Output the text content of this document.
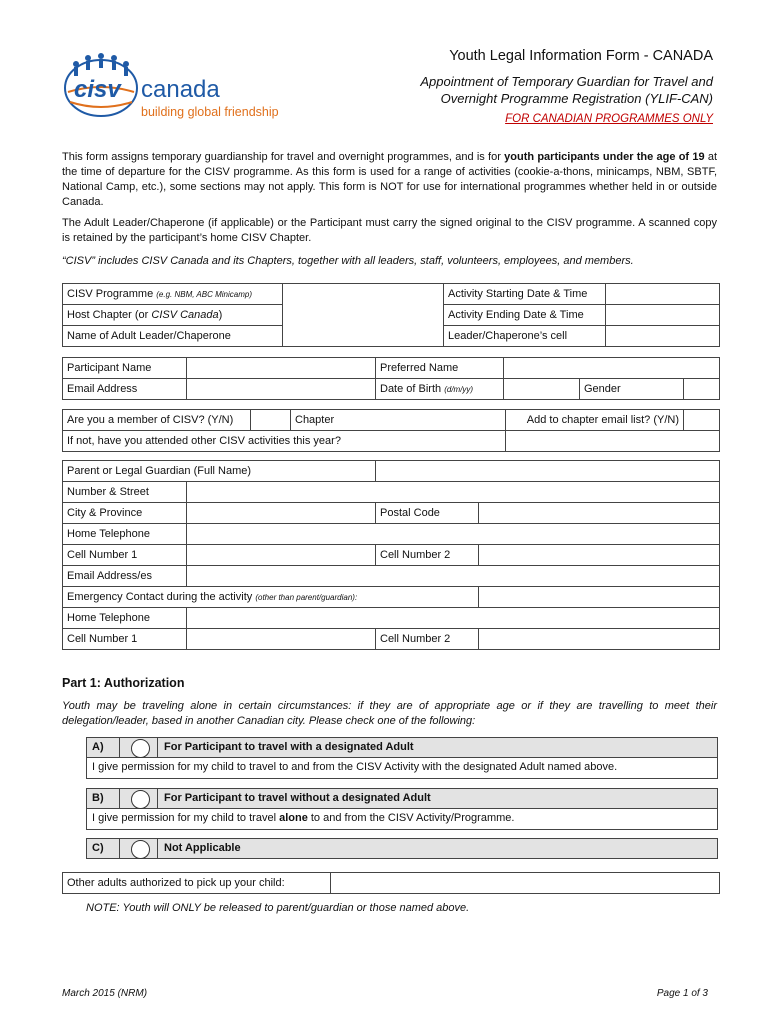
cisv canada
building global friendship
Youth Legal Information Form - CANADA
Appointment of Temporary Guardian for Travel and
Overnight Programme Registration (YLIF-CAN)
FOR CANADIAN PROGRAMMES ONLY
This form assigns temporary guardianship for travel and overnight programmes, and is for youth participants under the age of 19 at the time of departure for the CISV programme. As this form is used for a range of activities (cookie-a-thons, minicamps, NBM, SBTF, National Camp, etc.), some sections may not apply. This form is NOT for use for international programmes whether held in or outside Canada.
The Adult Leader/Chaperone (if applicable) or the Participant must carry the signed original to the CISV programme. A scanned copy is retained by the participant’s home CISV Chapter.
“CISV” includes CISV Canada and its Chapters, together with all leaders, staff, volunteers, employees, and members.
CISV Programme (e.g. NBM, ABC Minicamp)		Activity Starting Date & Time	
Host Chapter (or CISV Canada)		Activity Ending Date & Time	
Name of Adult Leader/Chaperone		Leader/Chaperone’s cell	
Participant Name		Preferred Name			
Email Address		Date of Birth (d/m/yy)		Gender	
Are you a member of CISV? (Y/N)		Chapter	Add to chapter email list? (Y/N)	
If not, have you attended other CISV activities this year?				
Parent or Legal Guardian (Full Name)			
Number & Street			
City & Province		Postal Code	
Home Telephone			
Cell Number 1		Cell Number 2	
Email Address/es			
Emergency Contact during the activity (other than parent/guardian):			
Home Telephone			
Cell Number 1		Cell Number 2	
Part 1: Authorization
Youth may be traveling alone in certain circumstances: if they are of appropriate age or if they are travelling to meet their delegation/leader, based in another Canadian city. Please check one of the following:
A)	For Participant to travel with a designated Adult
I give permission for my child to travel to and from the CISV Activity with the designated Adult named above.
B)	For Participant to travel without a designated Adult
I give permission for my child to travel alone to and from the CISV Activity/Programme.
C)	Not Applicable
Other adults authorized to pick up your child:	
NOTE: Youth will ONLY be released to parent/guardian or those named above.
March 2015 (NRM)	Page 1 of 3
